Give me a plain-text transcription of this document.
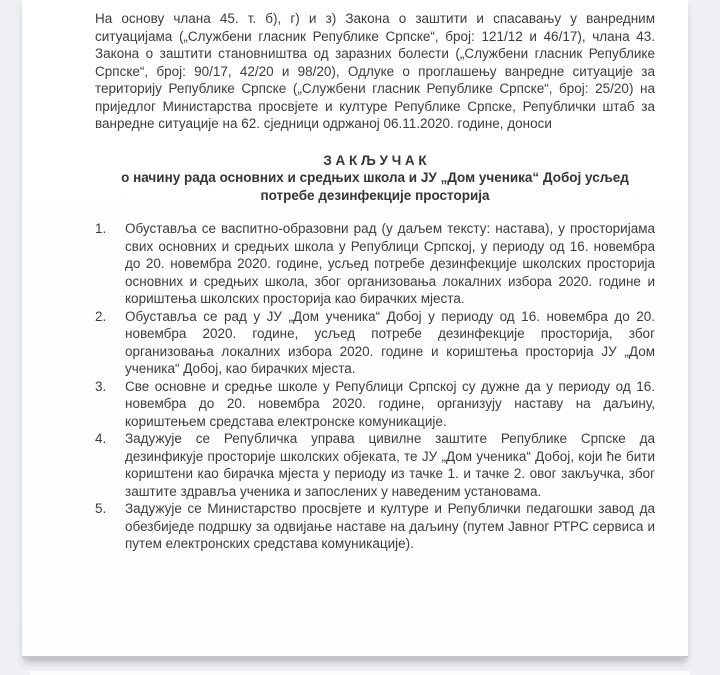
На основу члана 45. т. б), г) и з) Закона о заштити и спасавању у ванредним ситуацијама („Службени гласник Републике Српске“, број: 121/12 и 46/17), члана 43. Закона о заштити становништва од заразних болести („Службени гласник Републике Српске“, број: 90/17, 42/20 и 98/20), Одлуке о проглашењу ванредне ситуације за територију Републике Српске („Службени гласник Републике Српске“, број: 25/20) на приједлог Министарства просвјете и културе Републике Српске, Републички штаб за ванредне ситуације на 62. сједници одржаној 06.11.2020. године, доноси

З А К Љ У Ч А К
о начину рада основних и средњих школа и ЈУ „Дом ученика“ Добој усљед потребе дезинфекције просторија
1.	Обуставља се васпитно-образовни рад (у даљем тексту: настава), у просторијама свих основних и средњих школа у Републици Српској, у периоду од 16. новембра до 20. новембра 2020. године, усљед потребе дезинфекције школских просторија основних и средњих школа, због организовања локалних избора 2020. године и кориштења школских просторија као бирачких мјеста.
2.	Обуставља се рад у ЈУ „Дом ученика“ Добој у периоду од 16. новембра до 20. новембра 2020. године, усљед потребе дезинфекције просторија, због организовања локалних избора 2020. године и кориштења просторија ЈУ „Дом ученика“ Добој, као бирачких мјеста.
3.	Све основне и средње школе у Републици Српској су дужне да у периоду од 16. новембра до 20. новембра 2020. године, организују наставу на даљину, кориштењем средстава електронске комуникације.
4.	Задужује се Републичка управа цивилне заштите Републике Српске да дезинфикује просторије школских објеката, те ЈУ „Дом ученика“ Добој, који ће бити кориштени као бирачка мјеста у периоду из тачке 1. и тачке 2. овог закључка, због заштите здравља ученика и запослених у наведеним установама.
5.	Задужује се Министарство просвјете и културе и Републички педагошки завод да обезбиједе подршку за одвијање наставе на даљину (путем Јавног РТРС сервиса и путем електронских средстава комуникације).
